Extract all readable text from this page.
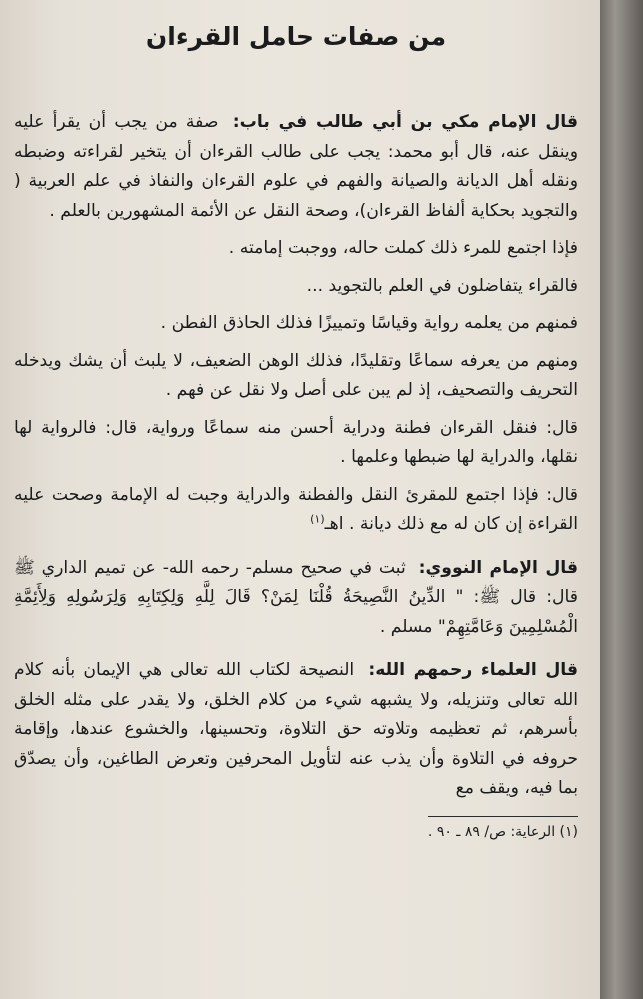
من صفات حامل القرءان

قال الإمام مكي بن أبي طالب في باب: صفة من يجب أن يقرأ عليه وينقل عنه، قال أبو محمد: يجب على طالب القرءان أن يتخير لقراءته وضبطه ونقله أهل الديانة والصيانة والفهم في علوم القرءان والنفاذ في علم العربية ( والتجويد بحكاية ألفاظ القرءان)، وصحة النقل عن الأئمة المشهورين بالعلم .

فإذا اجتمع للمرء ذلك كملت حاله، ووجبت إمامته .

فالقراء يتفاضلون في العلم بالتجويد ...

فمنهم من يعلمه رواية وقياسًا وتمييزًا فذلك الحاذق الفطن .

ومنهم من يعرفه سماعًا وتقليدًا، فذلك الوهن الضعيف، لا يلبث أن يشك ويدخله التحريف والتصحيف، إذ لم يبن على أصل ولا نقل عن فهم .

قال: فنقل القرءان فطنة ودراية أحسن منه سماعًا ورواية، قال: فالرواية لها نقلها، والدراية لها ضبطها وعلمها .

قال: فإذا اجتمع للمقرئ النقل والفطنة والدراية وجبت له الإمامة وصحت عليه القراءة إن كان له مع ذلك ديانة . اهـ$^{(١)}$

قال الإمام النووي: ثبت في صحيح مسلم- رحمه الله- عن تميم الداري ﷺ قال: قال ﷺ: " الدِّينُ النَّصِيحَةُ قُلْنَا لِمَنْ؟ قَالَ لِلَّهِ وَلِكِتَابِهِ وَلِرَسُولِهِ وَلِأَئِمَّةِ الْمُسْلِمِينَ وَعَامَّتِهِمْ" مسلم .

قال العلماء رحمهم الله: النصيحة لكتاب الله تعالى هي الإيمان بأنه كلام الله تعالى وتنزيله، ولا يشبهه شيء من كلام الخلق، ولا يقدر على مثله الخلق بأسرهم، ثم تعظيمه وتلاوته حق التلاوة، وتحسينها، والخشوع عندها، وإقامة حروفه في التلاوة وأن يذب عنه لتأويل المحرفين وتعرض الطاغين، وأن يصدّق بما فيه، ويقف مع

(١) الرعاية: ص/ ٨٩ ـ ٩٠ .
